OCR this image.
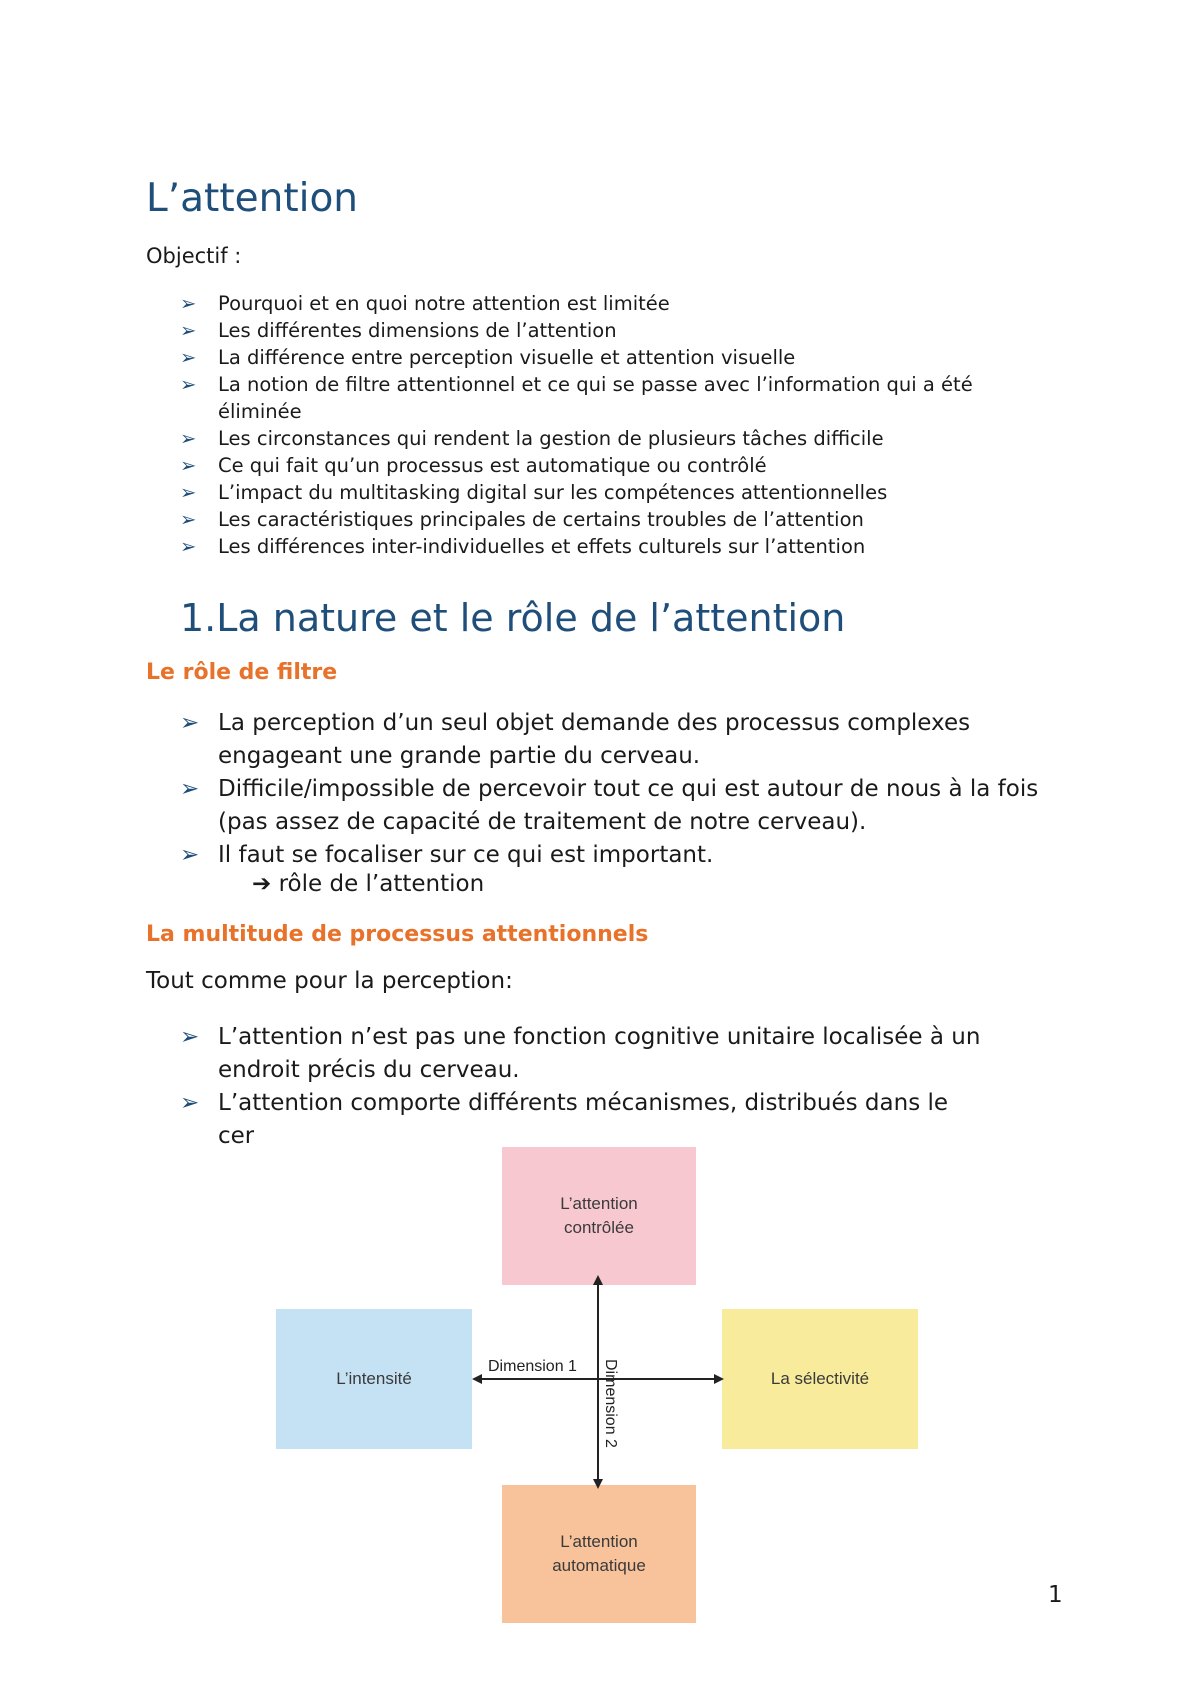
L’attention

Objectif :

➢ Pourquoi et en quoi notre attention est limitée
➢ Les différentes dimensions de l’attention
➢ La différence entre perception visuelle et attention visuelle
➢ La notion de filtre attentionnel et ce qui se passe avec l’information qui a été éliminée
➢ Les circonstances qui rendent la gestion de plusieurs tâches difficile
➢ Ce qui fait qu’un processus est automatique ou contrôlé
➢ L’impact du multitasking digital sur les compétences attentionnelles
➢ Les caractéristiques principales de certains troubles de l’attention
➢ Les différences inter-individuelles et effets culturels sur l’attention
1.La nature et le rôle de l’attention
Le rôle de filtre
➢ La perception d’un seul objet demande des processus complexes engageant une grande partie du cerveau.
➢ Difficile/impossible de percevoir tout ce qui est autour de nous à la fois (pas assez de capacité de traitement de notre cerveau).
➢ Il faut se focaliser sur ce qui est important.

➔ rôle de l’attention

La multitude de processus attentionnels

Tout comme pour la perception:

➢ L’attention n’est pas une fonction cognitive unitaire localisée à un endroit précis du cerveau.
➢ L’attention comporte différents mécanismes, distribués dans le

cer

L’attention
contrôlée
L’intensité	La sélectivité
L’attention
automatique
Dimension 1 Dimension 2

1
